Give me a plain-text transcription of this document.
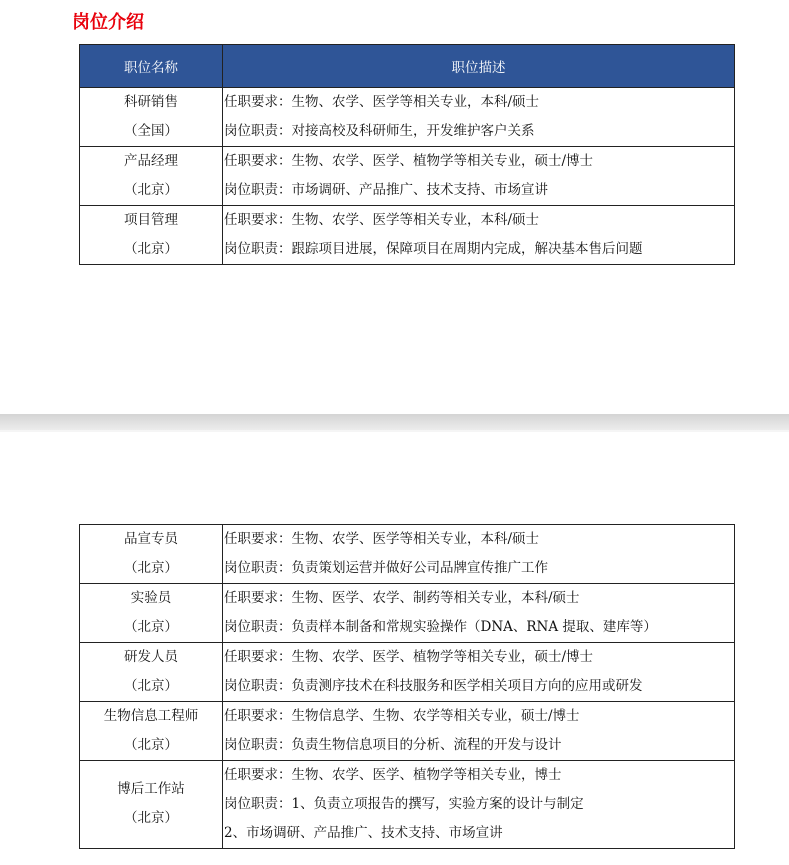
岗位介绍
职位名称	职位描述

科研销售
（全国）	任职要求：生物、农学、医学等相关专业，本科/硕士
岗位职责：对接高校及科研师生，开发维护客户关系

产品经理
（北京）	任职要求：生物、农学、医学、植物学等相关专业，硕士/博士
岗位职责：市场调研、产品推广、技术支持、市场宣讲

项目管理
（北京）	任职要求：生物、农学、医学等相关专业，本科/硕士
岗位职责：跟踪项目进展，保障项目在周期内完成，解决基本售后问题
品宣专员
（北京）	任职要求：生物、农学、医学等相关专业，本科/硕士
岗位职责：负责策划运营并做好公司品牌宣传推广工作

实验员
（北京）	任职要求：生物、医学、农学、制药等相关专业，本科/硕士
岗位职责：负责样本制备和常规实验操作（DNA、RNA 提取、建库等）

研发人员
（北京）	任职要求：生物、农学、医学、植物学等相关专业，硕士/博士
岗位职责：负责测序技术在科技服务和医学相关项目方向的应用或研发

生物信息工程师
（北京）	任职要求：生物信息学、生物、农学等相关专业，硕士/博士
岗位职责：负责生物信息项目的分析、流程的开发与设计

博后工作站
（北京）	任职要求：生物、农学、医学、植物学等相关专业，博士
岗位职责：1、负责立项报告的撰写，实验方案的设计与制定
2、市场调研、产品推广、技术支持、市场宣讲
